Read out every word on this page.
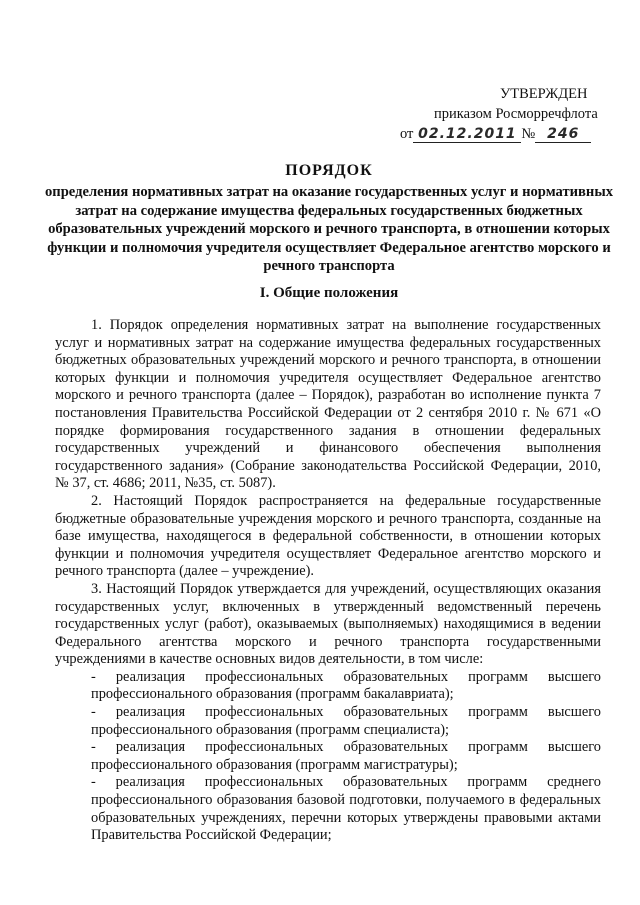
УТВЕРЖДЕН
приказом Росморречфлота
от 02.12.2011 № 246
ПОРЯДОК
определения нормативных затрат на оказание государственных услуг и нормативных затрат на содержание имущества федеральных государственных бюджетных образовательных учреждений морского и речного транспорта, в отношении которых функции и полномочия учредителя осуществляет Федеральное агентство морского и речного транспорта
I. Общие положения

1. Порядок определения нормативных затрат на выполнение государственных услуг и нормативных затрат на содержание имущества федеральных государственных бюджетных образовательных учреждений морского и речного транспорта, в отношении которых функции и полномочия учредителя осуществляет Федеральное агентство морского и речного транспорта (далее – Порядок), разработан во исполнение пункта 7 постановления Правительства Российской Федерации от 2 сентября 2010 г. № 671 «О порядке формирования государственного задания в отношении федеральных государственных учреждений и финансового обеспечения выполнения государственного задания» (Собрание законодательства Российской Федерации, 2010, № 37, ст. 4686; 2011, №35, ст. 5087).

2. Настоящий Порядок распространяется на федеральные государственные бюджетные образовательные учреждения морского и речного транспорта, созданные на базе имущества, находящегося в федеральной собственности, в отношении которых функции и полномочия учредителя осуществляет Федеральное агентство морского и речного транспорта (далее – учреждение).

3. Настоящий Порядок утверждается для учреждений, осуществляющих оказания государственных услуг, включенных в утвержденный ведомственный перечень государственных услуг (работ), оказываемых (выполняемых) находящимися в ведении Федерального агентства морского и речного транспорта государственными учреждениями в качестве основных видов деятельности, в том числе:

- реализация профессиональных образовательных программ высшего профессионального образования (программ бакалавриата);
- реализация профессиональных образовательных программ высшего профессионального образования (программ специалиста);
- реализация профессиональных образовательных программ высшего профессионального образования (программ магистратуры);
- реализация профессиональных образовательных программ среднего профессионального образования базовой подготовки, получаемого в федеральных образовательных учреждениях, перечни которых утверждены правовыми актами Правительства Российской Федерации;
